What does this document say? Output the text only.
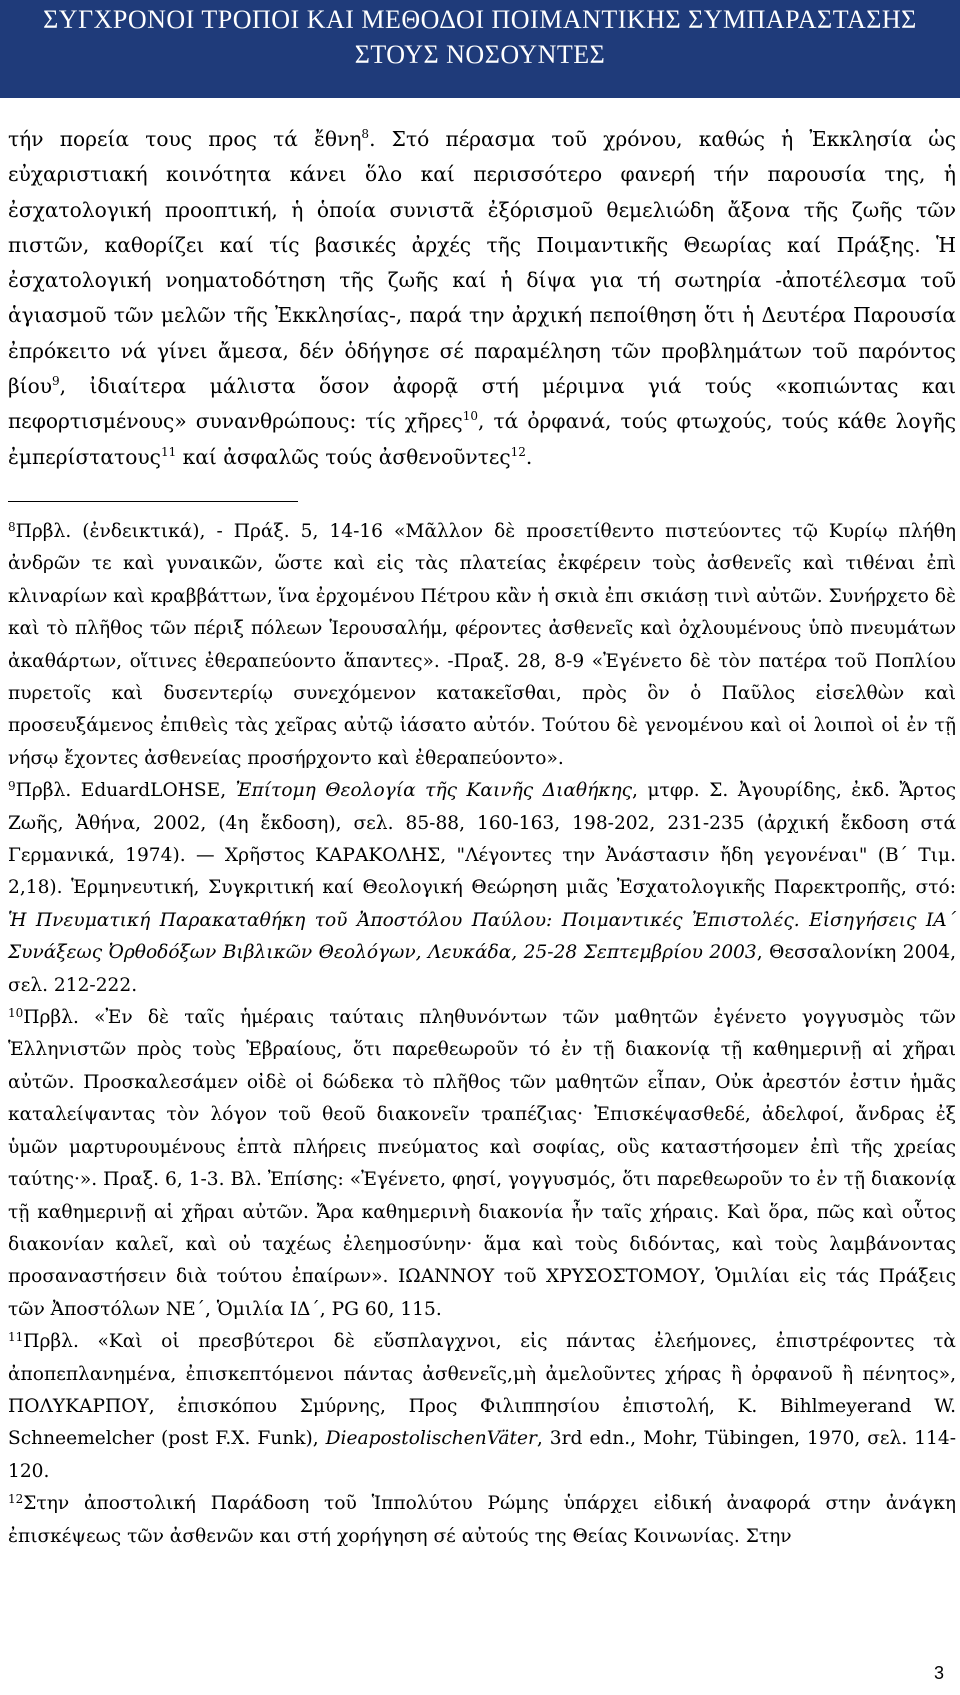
ΣΥΓΧΡΟΝΟΙ ΤΡΟΠΟΙ ΚΑΙ ΜΕΘΟΔΟΙ ΠΟΙΜΑΝΤΙΚΗΣ ΣΥΜΠΑΡΑΣΤΑΣΗΣ
ΣΤΟΥΣ ΝΟΣΟΥΝΤΕΣ

τήν πορεία τους προς τά ἔθνη$^8$. Στό πέρασμα τοῦ χρόνου, καθώς ἡ Ἐκκλησία ὡς εὐχαριστιακή κοινότητα κάνει ὅλο καί περισσότερο φανερή τήν παρουσία της, ἡ ἐσχατολογική προοπτική, ἡ ὁποία συνιστᾶ ἐξόρισμοῦ θεμελιώδη ἄξονα τῆς ζωῆς τῶν πιστῶν, καθορίζει καί τίς βασικές ἀρχές τῆς Ποιμαντικῆς Θεωρίας καί Πράξης. Ἡ ἐσχατολογική νοηματοδότηση τῆς ζωῆς καί ἡ δίψα για τή σωτηρία -ἀποτέλεσμα τοῦ ἁγιασμοῦ τῶν μελῶν τῆς Ἐκκλησίας-, παρά την ἀρχική πεποίθηση ὅτι ἡ Δευτέρα Παρουσία ἐπρόκειτο νά γίνει ἄμεσα, δέν ὁδήγησε σέ παραμέληση τῶν προβλημάτων τοῦ παρόντος βίου$^9$, ἰδιαίτερα μάλιστα ὅσον ἀφορᾷ στή μέριμνα γιά τούς «κοπιώντας και πεφορτισμένους» συνανθρώπους: τίς χῆρες$^{10}$, τά ὀρφανά, τούς φτωχούς, τούς κάθε λογῆς ἐμπερίστατους$^{11}$ καί ἀσφαλῶς τούς ἀσθενοῦντες$^{12}$.

$^8$Πρβλ. (ἐνδεικτικά), - Πράξ. 5, 14-16 «Μᾶλλον δὲ προσετίθεντο πιστεύοντες τῷ Κυρίῳ πλήθη ἀνδρῶν τε καὶ γυναικῶν, ὥστε καὶ εἰς τὰς πλατείας ἐκφέρειν τοὺς ἀσθενεῖς καὶ τιθέναι ἐπὶ κλιναρίων καὶ κραββάττων, ἵνα ἐρχομένου Πέτρου κἂν ἡ σκιὰ ἐπι σκιάσῃ τινὶ αὐτῶν. Συνήρχετο δὲ καὶ τὸ πλῆθος τῶν πέριξ πόλεων Ἱερουσαλήμ, φέροντες ἀσθενεῖς καὶ ὀχλουμένους ὑπὸ πνευμάτων ἀκαθάρτων, οἵτινες ἐθεραπεύοντο ἅπαντες». -Πραξ. 28, 8-9 «Ἐγένετο δὲ τὸν πατέρα τοῦ Ποπλίου πυρετοῖς καὶ δυσεντερίῳ συνεχόμενον κατακεῖσθαι, πρὸς ὃν ὁ Παῦλος εἰσελθὼν καὶ προσευξάμενος ἐπιθεὶς τὰς χεῖρας αὐτῷ ἰάσατο αὐτόν. Τούτου δὲ γενομένου καὶ οἱ λοιποὶ οἱ ἐν τῇ νήσῳ ἔχοντες ἀσθενείας προσήρχοντο καὶ ἐθεραπεύοντο».

$^9$Πρβλ. EduardLOHSE, Ἐπίτομη Θεολογία τῆς Καινῆς Διαθήκης, μτφρ. Σ. Ἀγουρίδης, ἐκδ. Ἄρτος Ζωῆς, Ἀθήνα, 2002, (4η ἔκδοση), σελ. 85-88, 160-163, 198-202, 231-235 (ἀρχική ἔκδοση στά Γερμανικά, 1974). — Χρῆστος ΚΑΡΑΚΟΛΗΣ, "Λέγοντες την Ἀνάστασιν ἤδη γεγονέναι" (Β΄ Τιμ. 2,18). Ἑρμηνευτική, Συγκριτική καί Θεολογική Θεώρηση μιᾶς Ἐσχατολογικῆς Παρεκτροπῆς, στό: Ἡ Πνευματική Παρακαταθήκη τοῦ Ἀποστόλου Παύλου: Ποιμαντικές Ἐπιστολές. Εἰσηγήσεις ΙΑ΄ Συνάξεως Ὀρθοδόξων Βιβλικῶν Θεολόγων, Λευκάδα, 25-28 Σεπτεμβρίου 2003, Θεσσαλονίκη 2004, σελ. 212-222.

$^{10}$Πρβλ. «Ἐν δὲ ταῖς ἡμέραις ταύταις πληθυνόντων τῶν μαθητῶν ἐγένετο γογγυσμὸς τῶν Ἑλληνιστῶν πρὸς τοὺς Ἑβραίους, ὅτι παρεθεωροῦν τό ἐν τῇ διακονίᾳ τῇ καθημερινῇ αἱ χῆραι αὐτῶν. Προσκαλεσάμεν οἰδὲ οἱ δώδεκα τὸ πλῆθος τῶν μαθητῶν εἶπαν, Οὐκ ἀρεστόν ἐστιν ἡμᾶς καταλείψαντας τὸν λόγον τοῦ θεοῦ διακονεῖν τραπέζιας· Ἐπισκέψασθεδέ, ἀδελφοί, ἄνδρας ἐξ ὑμῶν μαρτυρουμένους ἑπτὰ πλήρεις πνεύματος καὶ σοφίας, οὓς καταστήσομεν ἐπὶ τῆς χρείας ταύτης·». Πραξ. 6, 1-3. Βλ. Ἐπίσης: «Ἐγένετο, φησί, γογγυσμός, ὅτι παρεθεωροῦν το ἐν τῇ διακονίᾳ τῇ καθημερινῇ αἱ χῆραι αὐτῶν. Ἄρα καθημερινὴ διακονία ἦν ταῖς χήραις. Καὶ ὅρα, πῶς καὶ οὗτος διακονίαν καλεῖ, καὶ οὐ ταχέως ἐλεημοσύνην· ἅμα καὶ τοὺς διδόντας, καὶ τοὺς λαμβάνοντας προσαναστήσειν διὰ τούτου ἐπαίρων». ΙΩΑΝΝΟΥ τοῦ ΧΡΥΣΟΣΤΟΜΟΥ, Ὁμιλίαι εἰς τάς Πράξεις τῶν Ἀποστόλων ΝΕ΄, Ὁμιλία ΙΔ΄, PG 60, 115.

$^{11}$Πρβλ. «Καὶ οἱ πρεσβύτεροι δὲ εὔσπλαγχνοι, εἰς πάντας ἐλεήμονες, ἐπιστρέφοντες τὰ ἀποπεπλανημένα, ἐπισκεπτόμενοι πάντας ἀσθενεῖς,μὴ ἀμελοῦντες χήρας ἢ ὀρφανοῦ ἢ πένητος», ΠΟΛΥΚΑΡΠΟΥ, ἐπισκόπου Σμύρνης, Προς Φιλιππησίου ἐπιστολή, Κ. Bihlmeyerand W. Schneemelcher (post F.X. Funk), DieapostolischenVäter, 3rd edn., Mohr, Tübingen, 1970, σελ. 114-120.

$^{12}$Στην ἀποστολική Παράδοση τοῦ Ἱππολύτου Ρώμης ὑπάρχει εἰδική ἀναφορά στην ἀνάγκη ἐπισκέψεως τῶν ἀσθενῶν και στή χορήγηση σέ αὐτούς της Θείας Κοινωνίας. Στην

3
